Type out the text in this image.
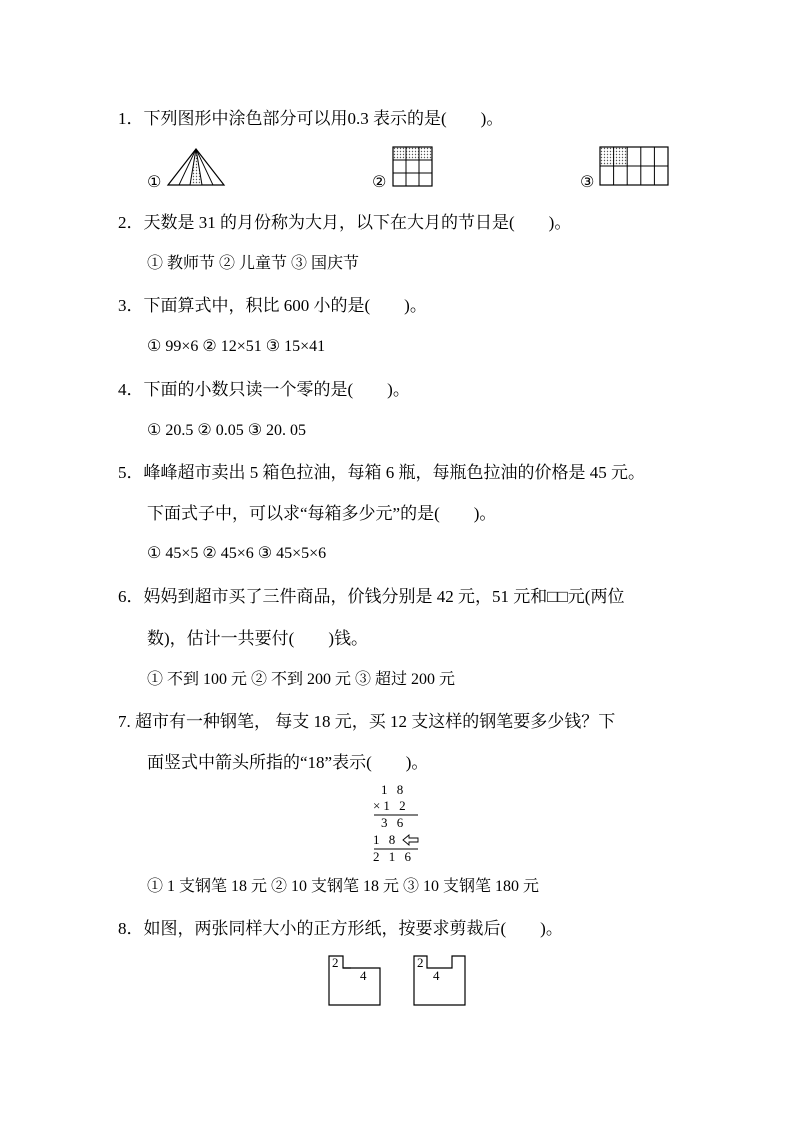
1．下列图形中涂色部分可以用0.3 表示的是(　　)。
①	②	③
2．天数是 31 的月份称为大月，以下在大月的节日是(　　)。
① 教师节 ② 儿童节 ③ 国庆节
3．下面算式中，积比 600 小的是(　　)。
① 99×6 ② 12×51 ③ 15×41
4．下面的小数只读一个零的是(　　)。
① 20.5 ② 0.05 ③ 20. 05
5．峰峰超市卖出 5 箱色拉油，每箱 6 瓶，每瓶色拉油的价格是 45 元。
下面式子中，可以求“每箱多少元”的是(　　)。
① 45×5 ② 45×6 ③ 45×5×6
6．妈妈到超市买了三件商品，价钱分别是 42 元，51 元和□□元(两位
数)，估计一共要付(　　)钱。
① 不到 100 元 ② 不到 200 元 ③ 超过 200 元
7. 超市有一种钢笔， 每支 18 元，买 12 支这样的钢笔要多少钱？下
面竖式中箭头所指的“18”表示(　　)。
1 8
×1 2
3 6
1 8
2 1 6
① 1 支钢笔 18 元 ② 10 支钢笔 18 元 ③ 10 支钢笔 180 元
8．如图，两张同样大小的正方形纸，按要求剪裁后(　　)。
2
4
2
4
